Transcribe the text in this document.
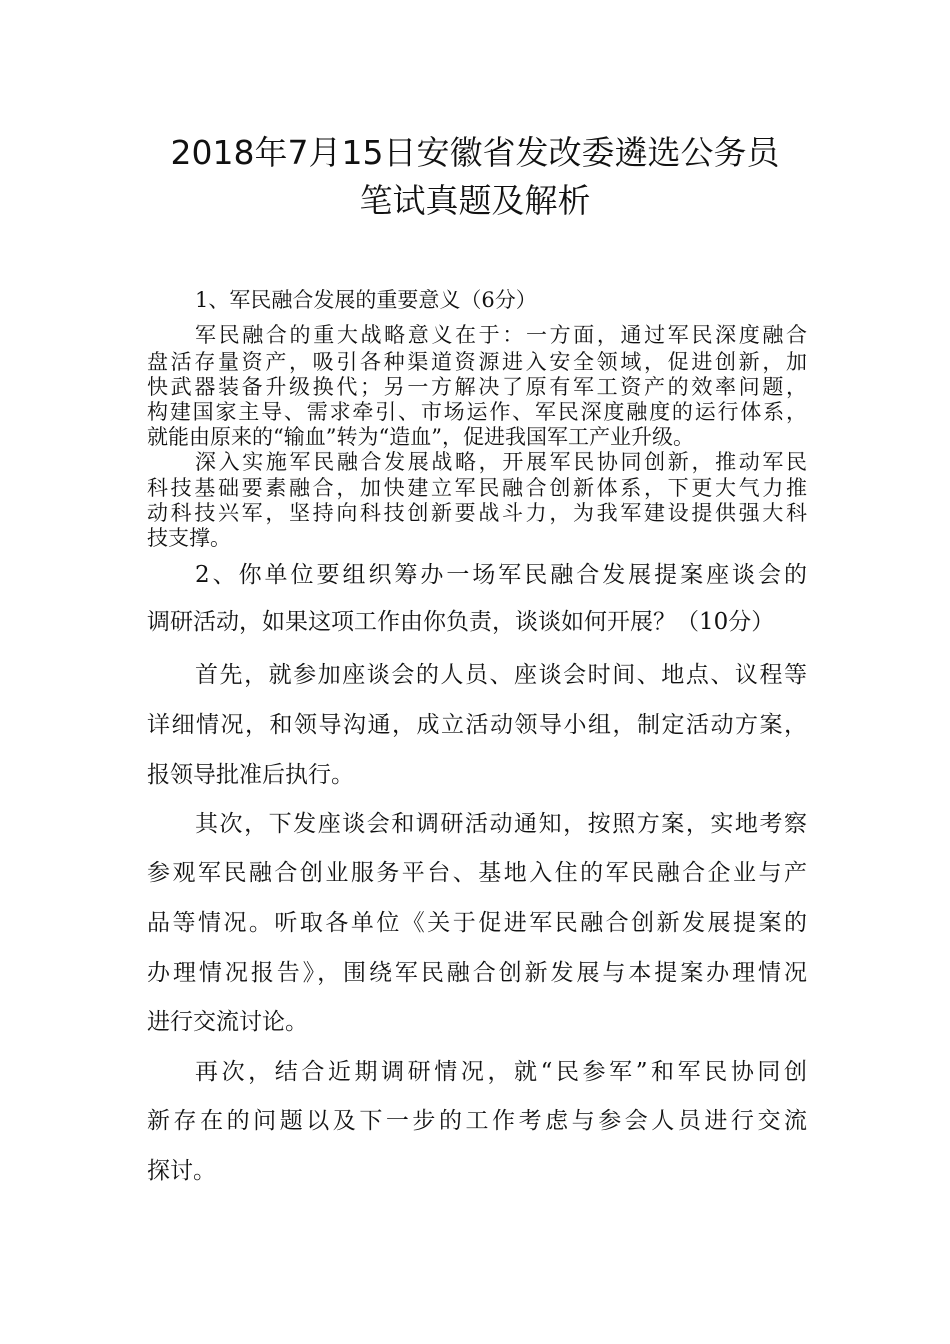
2018年7月15日安徽省发改委遴选公务员
笔试真题及解析
1、军民融合发展的重要意义（6分）
军民融合的重大战略意义在于：一方面，通过军民深度融合
盘活存量资产，吸引各种渠道资源进入安全领域，促进创新，加
快武器装备升级换代；另一方解决了原有军工资产的效率问题，
构建国家主导、需求牵引、市场运作、军民深度融度的运行体系，
就能由原来的“输血”转为“造血”，促进我国军工产业升级。
深入实施军民融合发展战略，开展军民协同创新，推动军民
科技基础要素融合，加快建立军民融合创新体系，下更大气力推
动科技兴军，坚持向科技创新要战斗力，为我军建设提供强大科
技支撑。
2、你单位要组织筹办一场军民融合发展提案座谈会的
调研活动，如果这项工作由你负责，谈谈如何开展？（10分）
首先，就参加座谈会的人员、座谈会时间、地点、议程等
详细情况，和领导沟通，成立活动领导小组，制定活动方案，
报领导批准后执行。
其次，下发座谈会和调研活动通知，按照方案，实地考察
参观军民融合创业服务平台、基地入住的军民融合企业与产
品等情况。听取各单位《关于促进军民融合创新发展提案的
办理情况报告》，围绕军民融合创新发展与本提案办理情况
进行交流讨论。
再次，结合近期调研情况，就“民参军”和军民协同创
新存在的问题以及下一步的工作考虑与参会人员进行交流
探讨。
